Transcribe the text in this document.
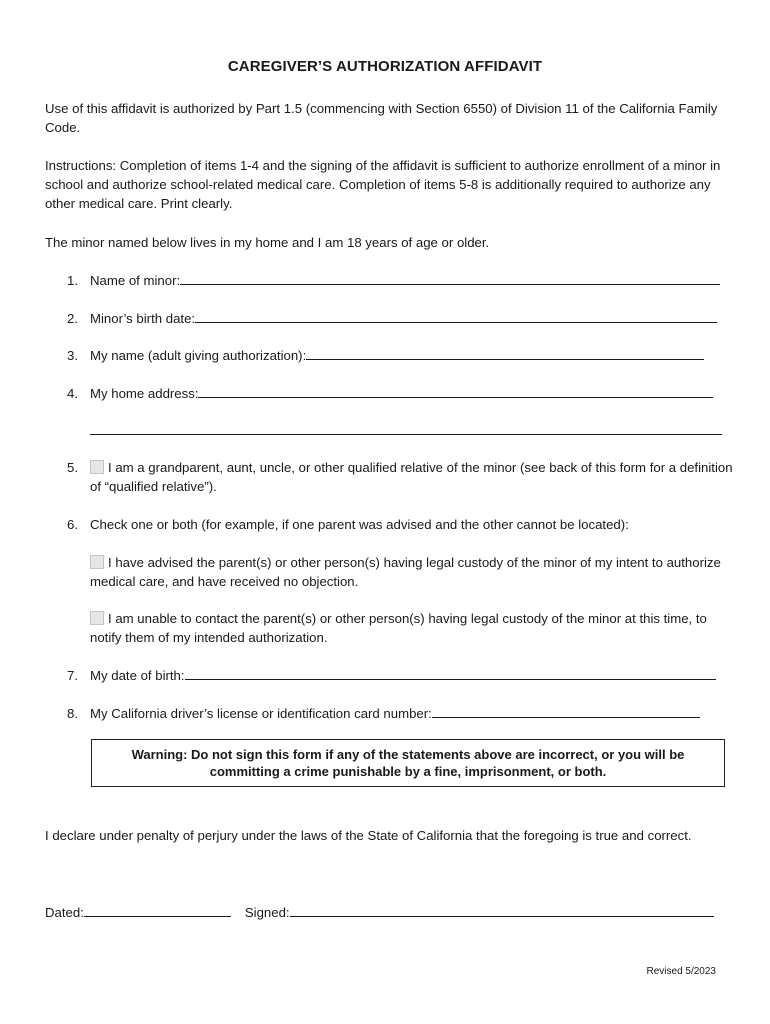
CAREGIVER’S AUTHORIZATION AFFIDAVIT
Use of this affidavit is authorized by Part 1.5 (commencing with Section 6550) of Division 11 of the California Family Code.
Instructions: Completion of items 1-4 and the signing of the affidavit is sufficient to authorize enrollment of a minor in school and authorize school-related medical care. Completion of items 5-8 is additionally required to authorize any other medical care. Print clearly.
The minor named below lives in my home and I am 18 years of age or older.
1. Name of minor:
2. Minor’s birth date:
3. My name (adult giving authorization):
4. My home address:
5.	I am a grandparent, aunt, uncle, or other qualified relative of the minor (see back of this form for a definition of “qualified relative”).
6. Check one or both (for example, if one parent was advised and the other cannot be located):
I have advised the parent(s) or other person(s) having legal custody of the minor of my intent to authorize medical care, and have received no objection.
I am unable to contact the parent(s) or other person(s) having legal custody of the minor at this time, to notify them of my intended authorization.
7. My date of birth:
8. My California driver’s license or identification card number:
Warning: Do not sign this form if any of the statements above are incorrect, or you will be
committing a crime punishable by a fine, imprisonment, or both.
I declare under penalty of perjury under the laws of the State of California that the foregoing is true and correct.
Dated:	Signed:
Revised 5/2023
